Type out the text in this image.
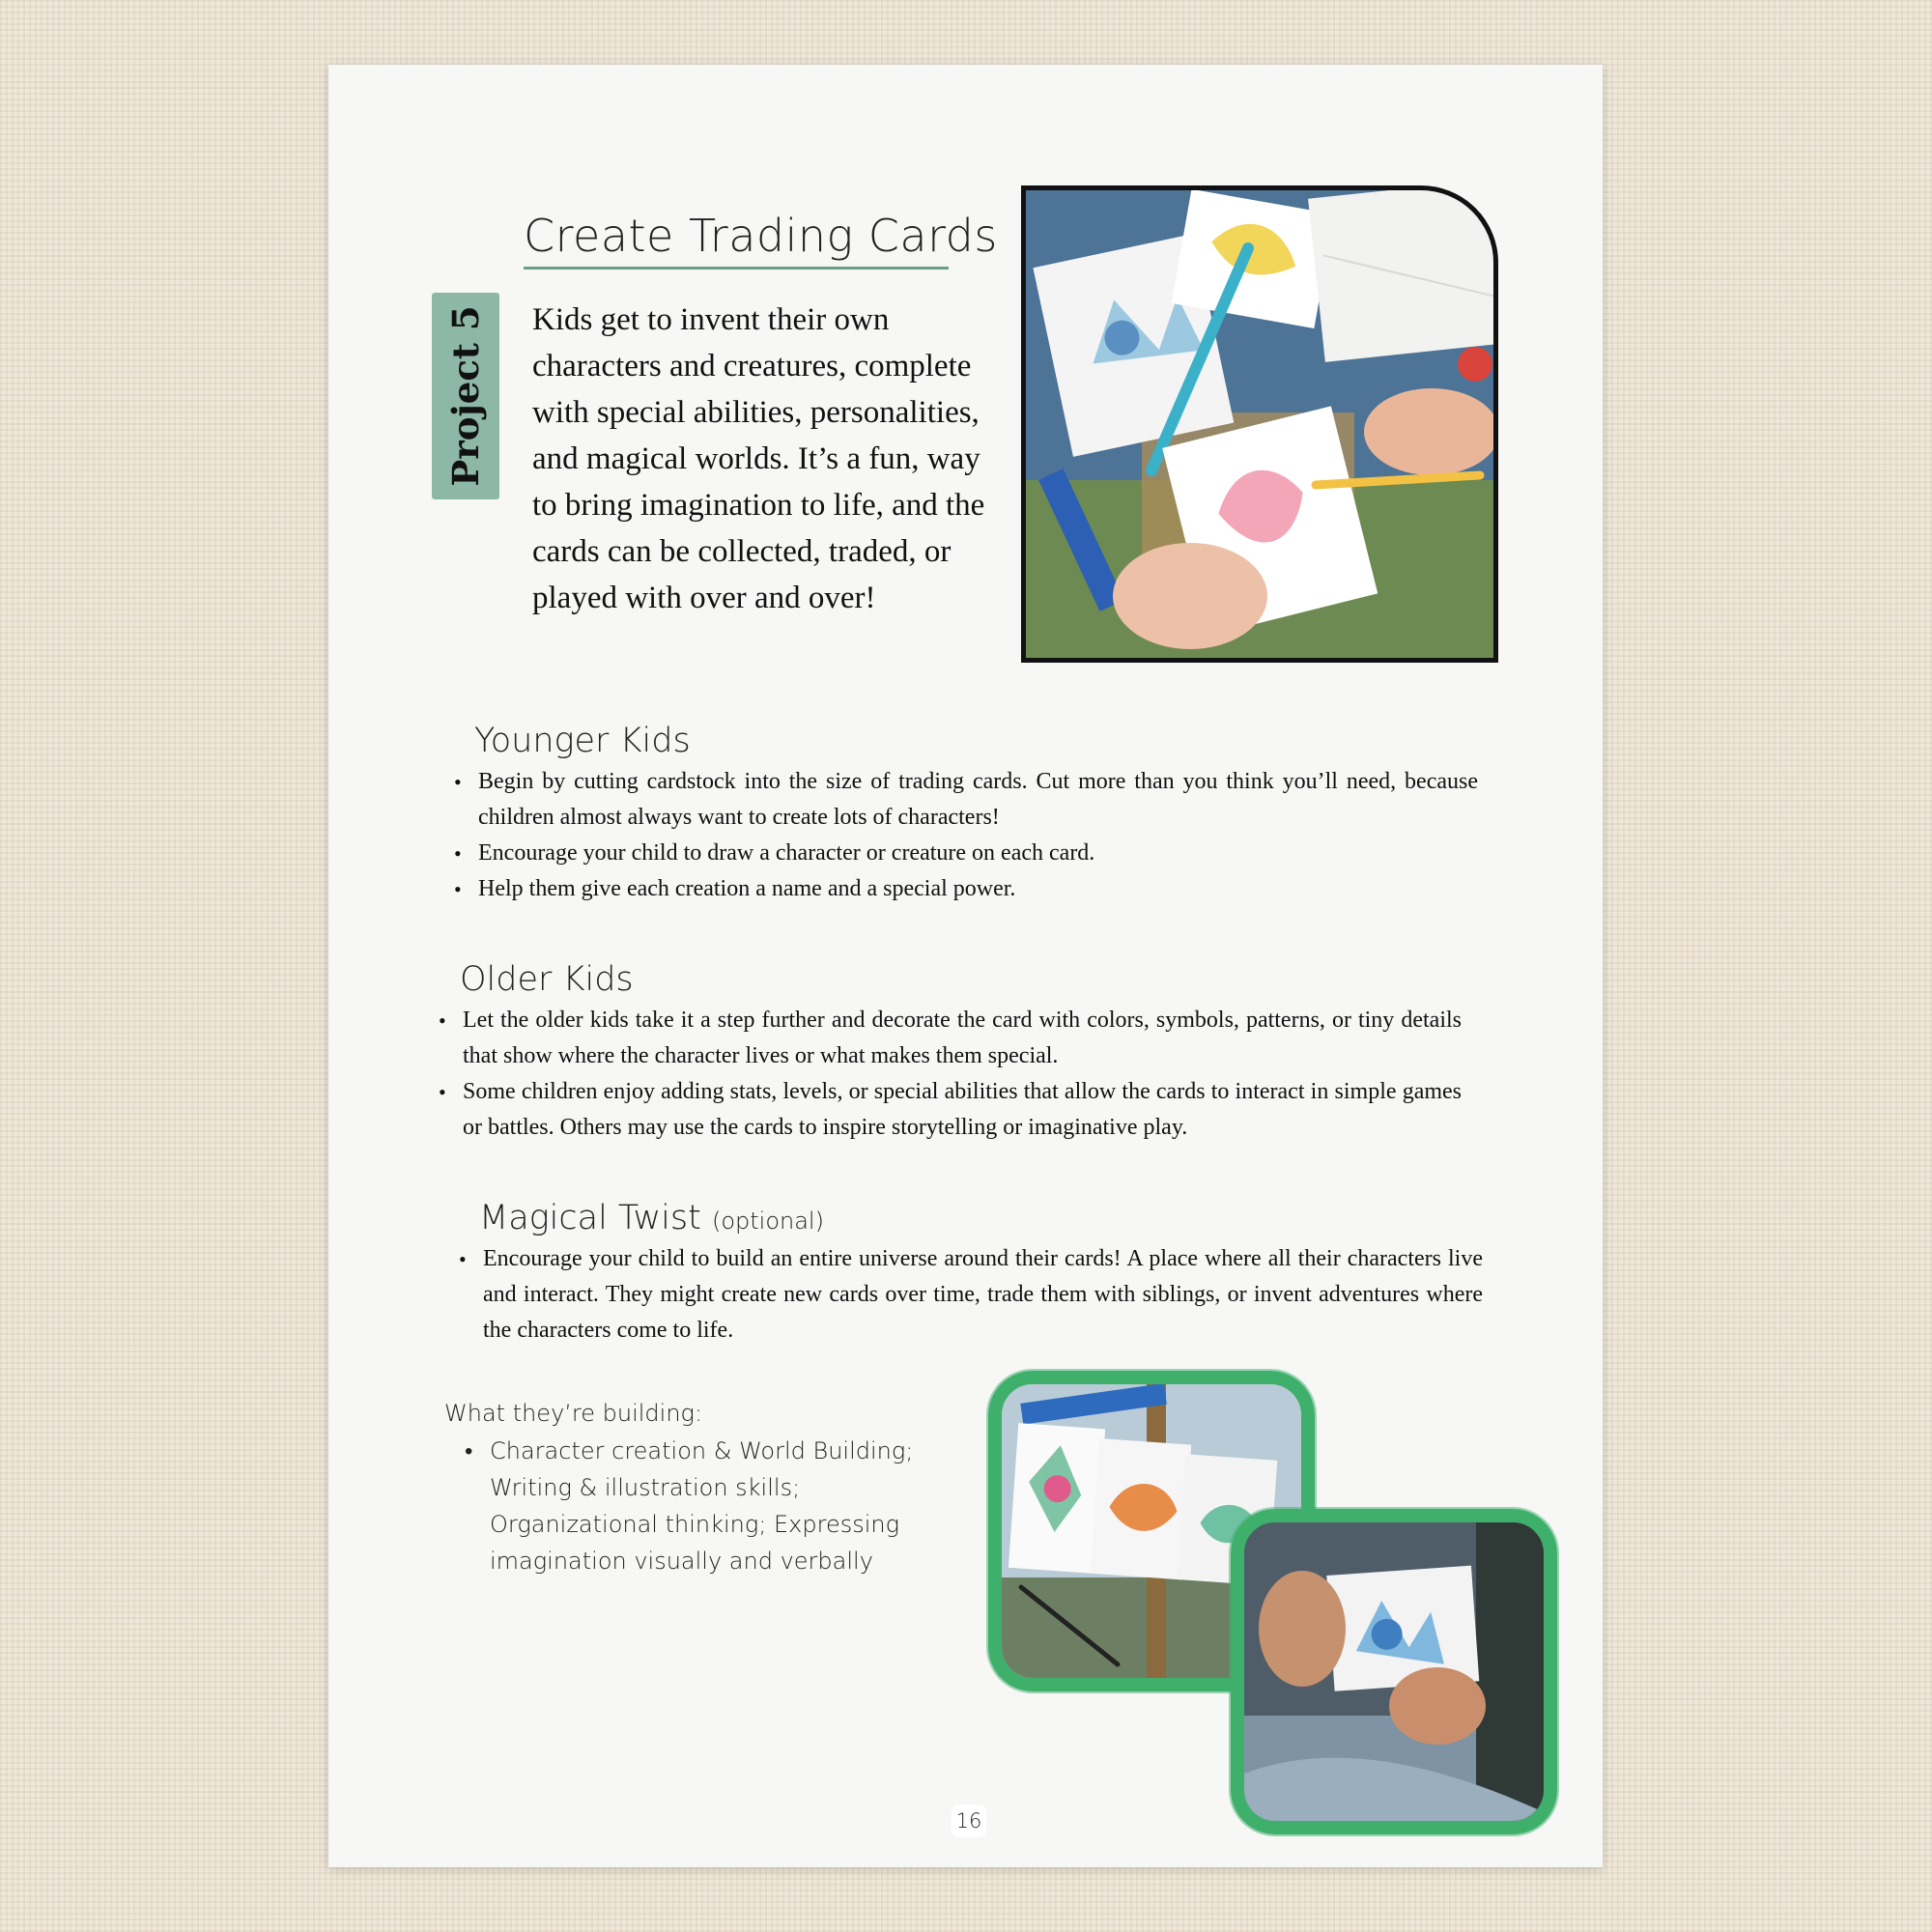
Create Trading Cards
Project 5 Kids get to invent their own characters and creatures, complete with special abilities, personalities, and magical worlds. It’s a fun, way to bring imagination to life, and the cards can be collected, traded, or played with over and over!

Younger Kids
• Begin by cutting cardstock into the size of trading cards. Cut more than you think you’ll need, because children almost always want to create lots of characters!
• Encourage your child to draw a character or creature on each card.
• Help them give each creation a name and a special power.
Older Kids
• Let the older kids take it a step further and decorate the card with colors, symbols, patterns, or tiny details that show where the character lives or what makes them special.
• Some children enjoy adding stats, levels, or special abilities that allow the cards to interact in simple games or battles. Others may use the cards to inspire storytelling or imaginative play.
Magical Twist (optional)
• Encourage your child to build an entire universe around their cards! A place where all their characters live and interact. They might create new cards over time, trade them with siblings, or invent adventures where the characters come to life.

What they’re building:

• Character creation & World Building; Writing & illustration skills; Organizational thinking; Expressing imagination visually and verbally
16
